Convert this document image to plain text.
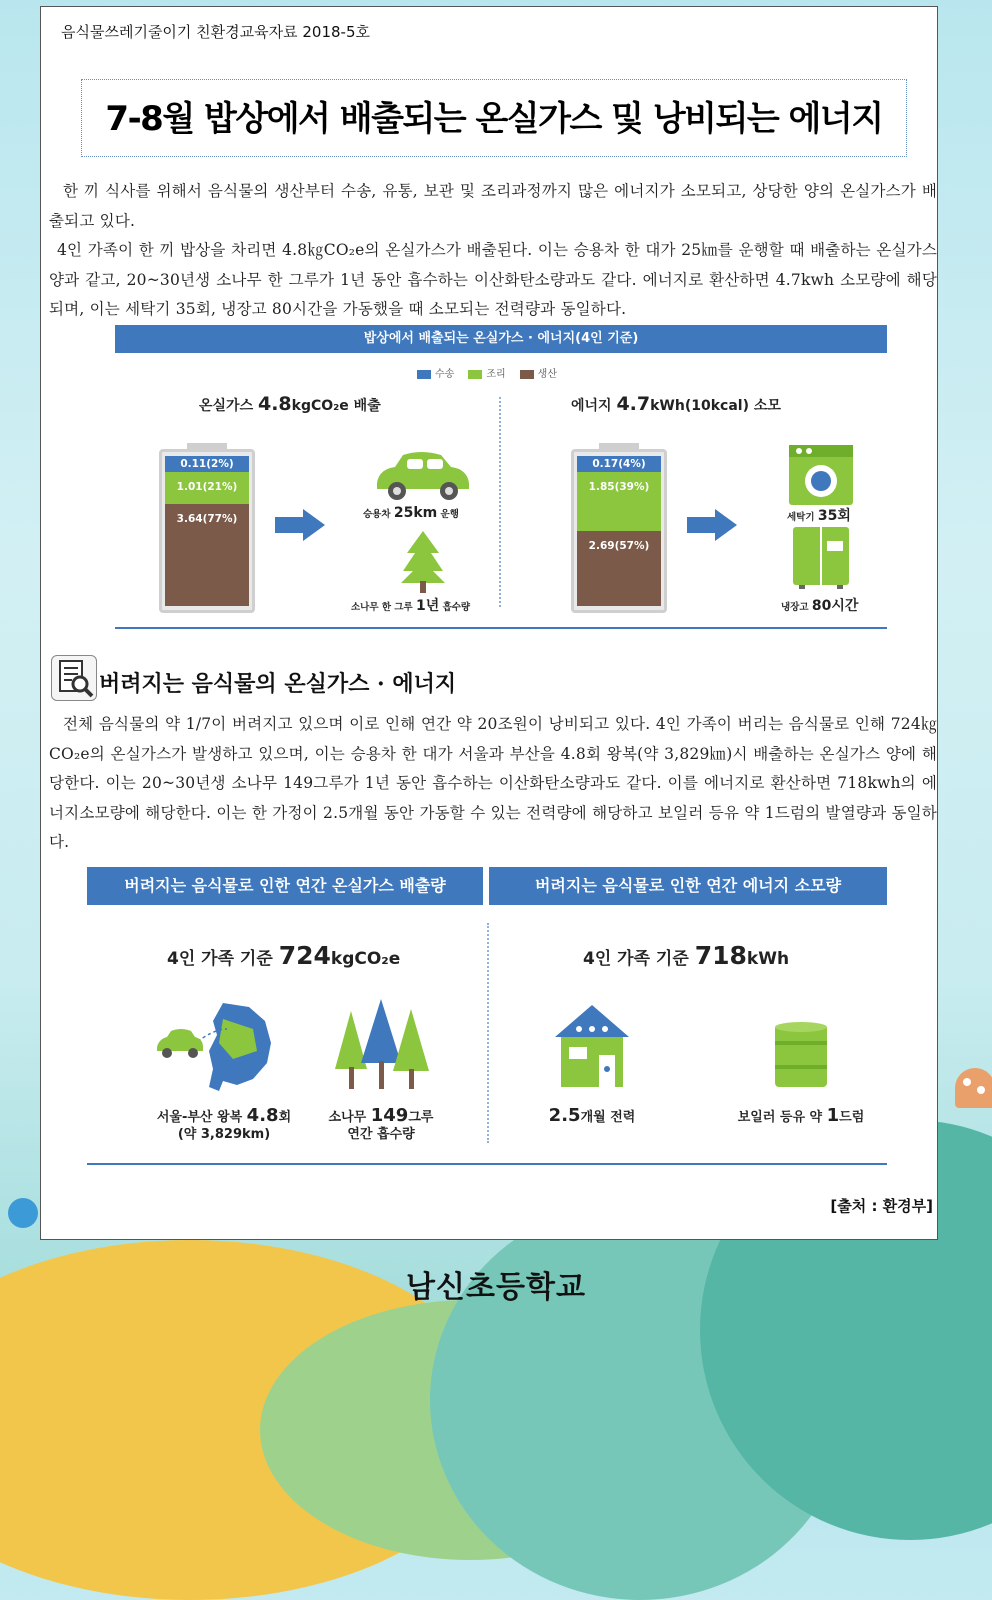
음식물쓰레기줄이기 친환경교육자료 2018-5호
7-8월 밥상에서 배출되는 온실가스 및 낭비되는 에너지
한 끼 식사를 위해서 음식물의 생산부터 수송, 유통, 보관 및 조리과정까지 많은 에너지가 소모되고, 상당한 양의 온실가스가 배출되고 있다.
4인 가족이 한 끼 밥상을 차리면 4.8㎏CO₂e의 온실가스가 배출된다. 이는 승용차 한 대가 25㎞를 운행할 때 배출하는 온실가스 양과 같고, 20~30년생 소나무 한 그루가 1년 동안 흡수하는 이산화탄소량과도 같다. 에너지로 환산하면 4.7kwh 소모량에 해당되며, 이는 세탁기 35회, 냉장고 80시간을 가동했을 때 소모되는 전력량과 동일하다.
밥상에서 배출되는 온실가스 · 에너지(4인 기준)
수송	조리	생산
온실가스 4.8kgCO₂e 배출
0.11(2%)
1.01(21%)
3.64(77%)	승용차 25km 운행
소나무 한 그루 1년 흡수량
에너지 4.7kWh(10kcal) 소모
0.17(4%)
1.85(39%)
2.69(57%)
세탁기 35회
냉장고 80시간
버려지는 음식물의 온실가스 · 에너지
전체 음식물의 약 1/7이 버려지고 있으며 이로 인해 연간 약 20조원이 낭비되고 있다. 4인 가족이 버리는 음식물로 인해 724㎏CO₂e의 온실가스가 발생하고 있으며, 이는 승용차 한 대가 서울과 부산을 4.8회 왕복(약 3,829㎞)시 배출하는 온실가스 양에 해당한다. 이는 20~30년생 소나무 149그루가 1년 동안 흡수하는 이산화탄소량과도 같다. 이를 에너지로 환산하면 718kwh의 에너지소모량에 해당한다. 이는 한 가정이 2.5개월 동안 가동할 수 있는 전력량에 해당하고 보일러 등유 약 1드럼의 발열량과 동일하다.
버려지는 음식물로 인한 연간 온실가스 배출량	버려지는 음식물로 인한 연간 에너지 소모량
4인 가족 기준 724kgCO₂e	4인 가족 기준 718kWh
서울-부산 왕복 4.8회
(약 3,829km)
소나무 149그루
연간 흡수량
2.5개월 전력	보일러 등유 약 1드럼
[출처 : 환경부]
남신초등학교
